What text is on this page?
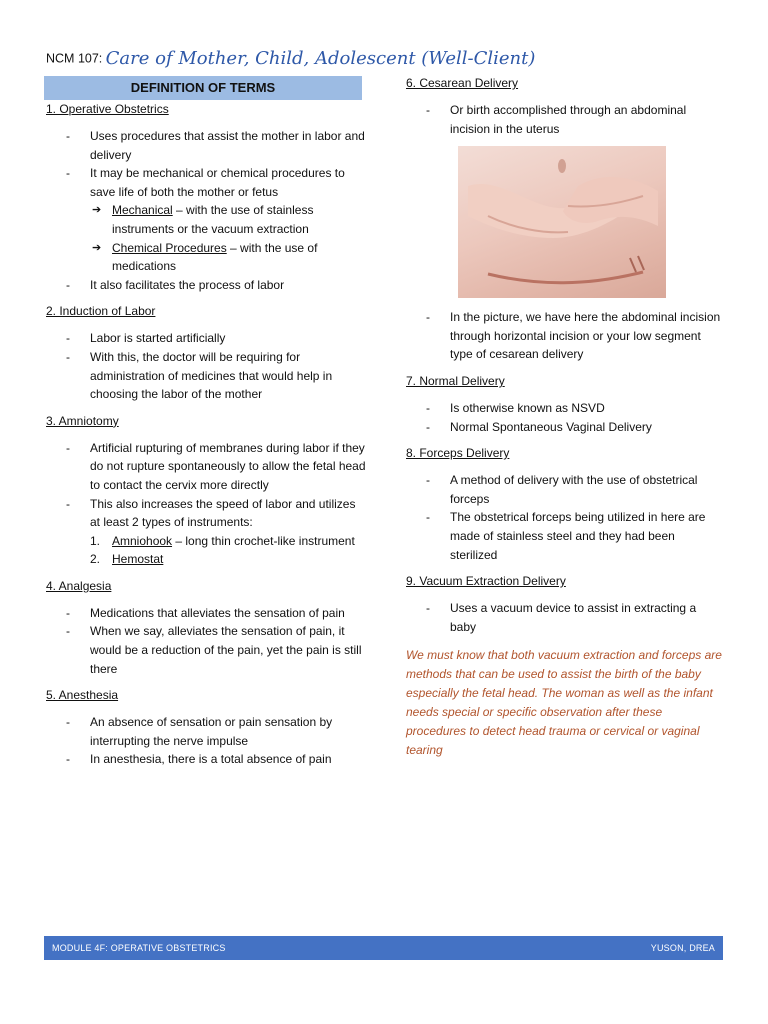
NCM 107: Care of Mother, Child, Adolescent (Well-Client)
DEFINITION OF TERMS
1. Operative Obstetrics
- Uses procedures that assist the mother in labor and delivery
- It may be mechanical or chemical procedures to save life of both the mother or fetus
➔ Mechanical – with the use of stainless instruments or the vacuum extraction
➔ Chemical Procedures – with the use of medications
- It also facilitates the process of labor
2. Induction of Labor
- Labor is started artificially
- With this, the doctor will be requiring for administration of medicines that would help in choosing the labor of the mother
3. Amniotomy
- Artificial rupturing of membranes during labor if they do not rupture spontaneously to allow the fetal head to contact the cervix more directly
- This also increases the speed of labor and utilizes at least 2 types of instruments:
1. Amniohook – long thin crochet-like instrument
2. Hemostat
4. Analgesia
- Medications that alleviates the sensation of pain
- When we say, alleviates the sensation of pain, it would be a reduction of the pain, yet the pain is still there
5. Anesthesia
- An absence of sensation or pain sensation by interrupting the nerve impulse
- In anesthesia, there is a total absence of pain
6. Cesarean Delivery
- Or birth accomplished through an abdominal incision in the uterus
- In the picture, we have here the abdominal incision through horizontal incision or your low segment type of cesarean delivery
7. Normal Delivery
- Is otherwise known as NSVD
- Normal Spontaneous Vaginal Delivery
8. Forceps Delivery
- A method of delivery with the use of obstetrical forceps
- The obstetrical forceps being utilized in here are made of stainless steel and they had been sterilized
9. Vacuum Extraction Delivery
- Uses a vacuum device to assist in extracting a baby
We must know that both vacuum extraction and forceps are methods that can be used to assist the birth of the baby especially the fetal head. The woman as well as the infant needs special or specific observation after these procedures to detect head trauma or cervical or vaginal tearing
MODULE 4F: OPERATIVE OBSTETRICS	YUSON, DREA
